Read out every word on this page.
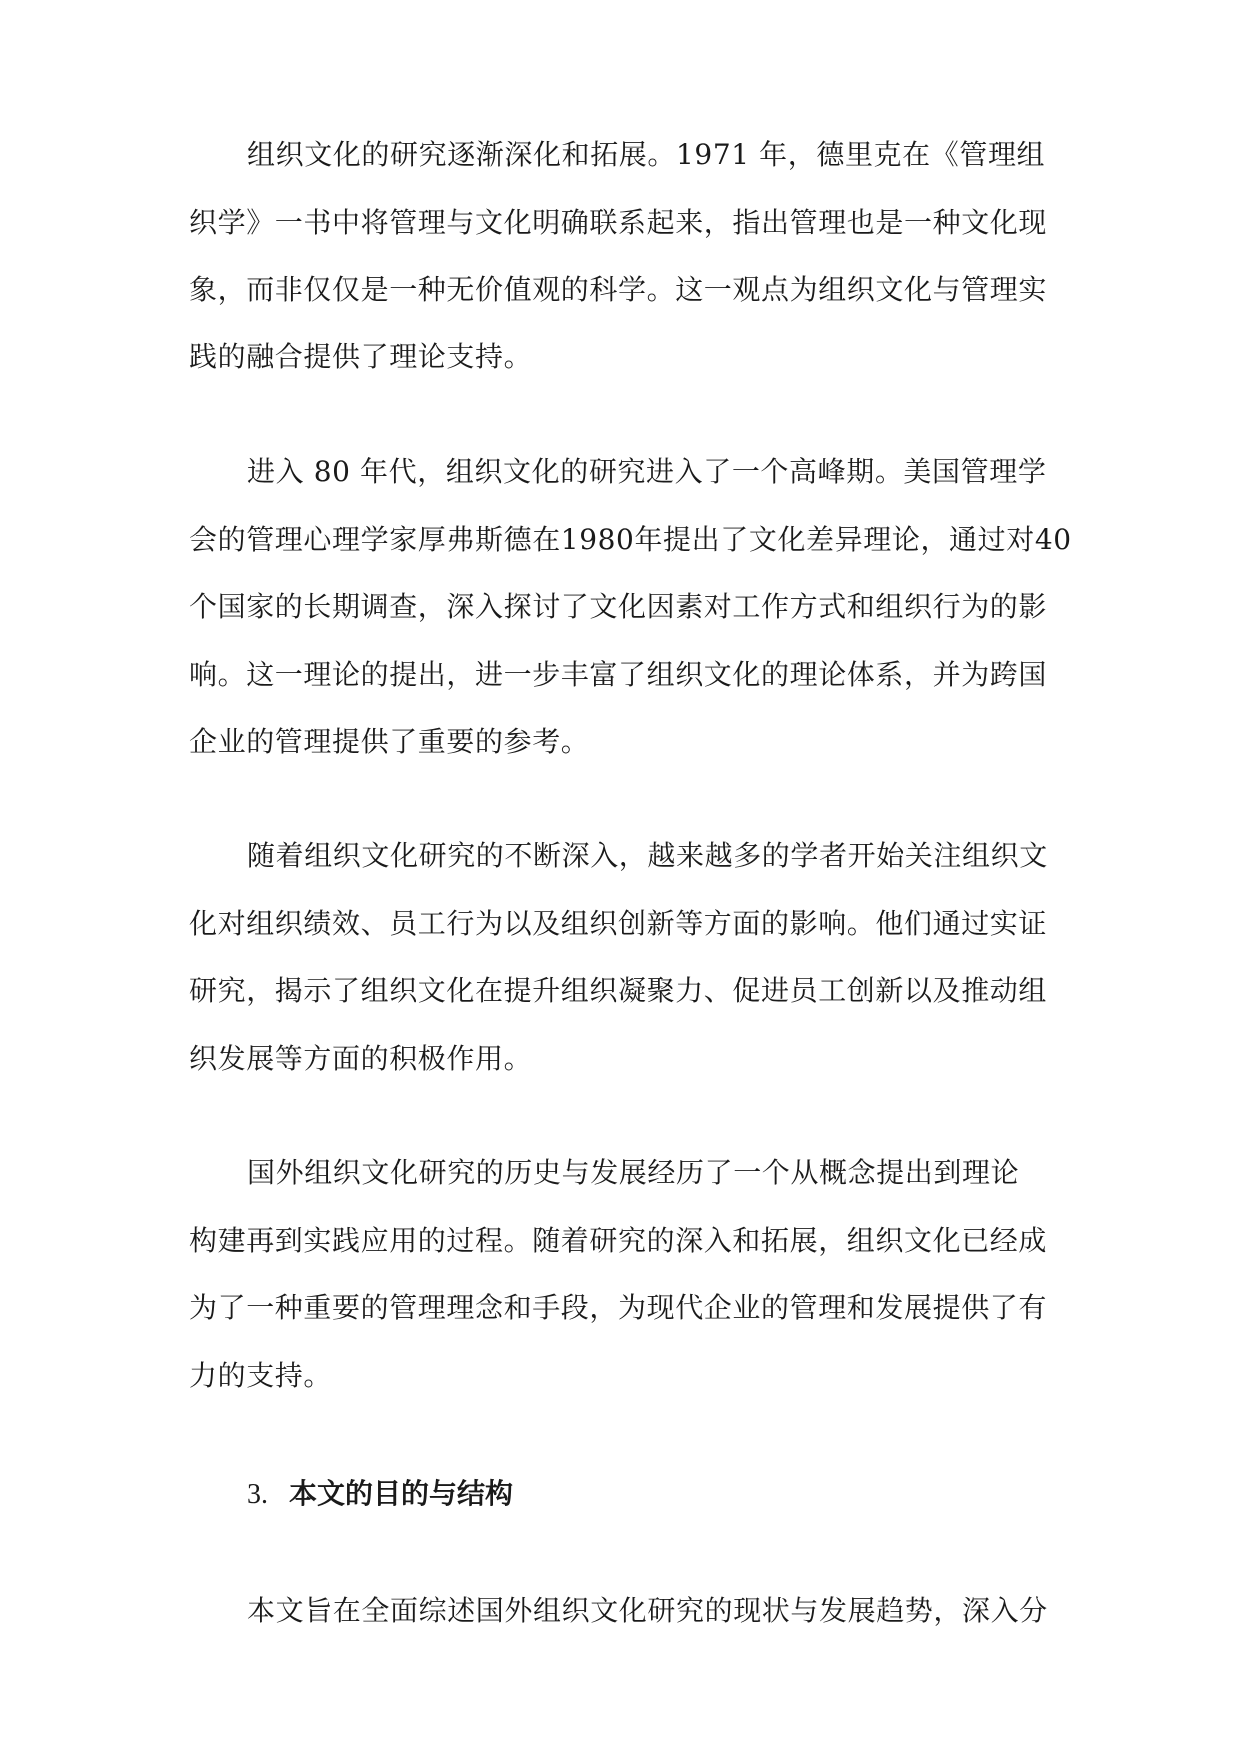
组织文化的研究逐渐深化和拓展。1971 年，德里克在《管理组
织学》一书中将管理与文化明确联系起来，指出管理也是一种文化现
象，而非仅仅是一种无价值观的科学。这一观点为组织文化与管理实
践的融合提供了理论支持。
进入 80 年代，组织文化的研究进入了一个高峰期。美国管理学
会的管理心理学家厚弗斯德在1980年提出了文化差异理论，通过对40
个国家的长期调查，深入探讨了文化因素对工作方式和组织行为的影
响。这一理论的提出，进一步丰富了组织文化的理论体系，并为跨国
企业的管理提供了重要的参考。
随着组织文化研究的不断深入，越来越多的学者开始关注组织文
化对组织绩效、员工行为以及组织创新等方面的影响。他们通过实证
研究，揭示了组织文化在提升组织凝聚力、促进员工创新以及推动组
织发展等方面的积极作用。
国外组织文化研究的历史与发展经历了一个从概念提出到理论
构建再到实践应用的过程。随着研究的深入和拓展，组织文化已经成
为了一种重要的管理理念和手段，为现代企业的管理和发展提供了有
力的支持。
3. 本文的目的与结构
本文旨在全面综述国外组织文化研究的现状与发展趋势，深入分
